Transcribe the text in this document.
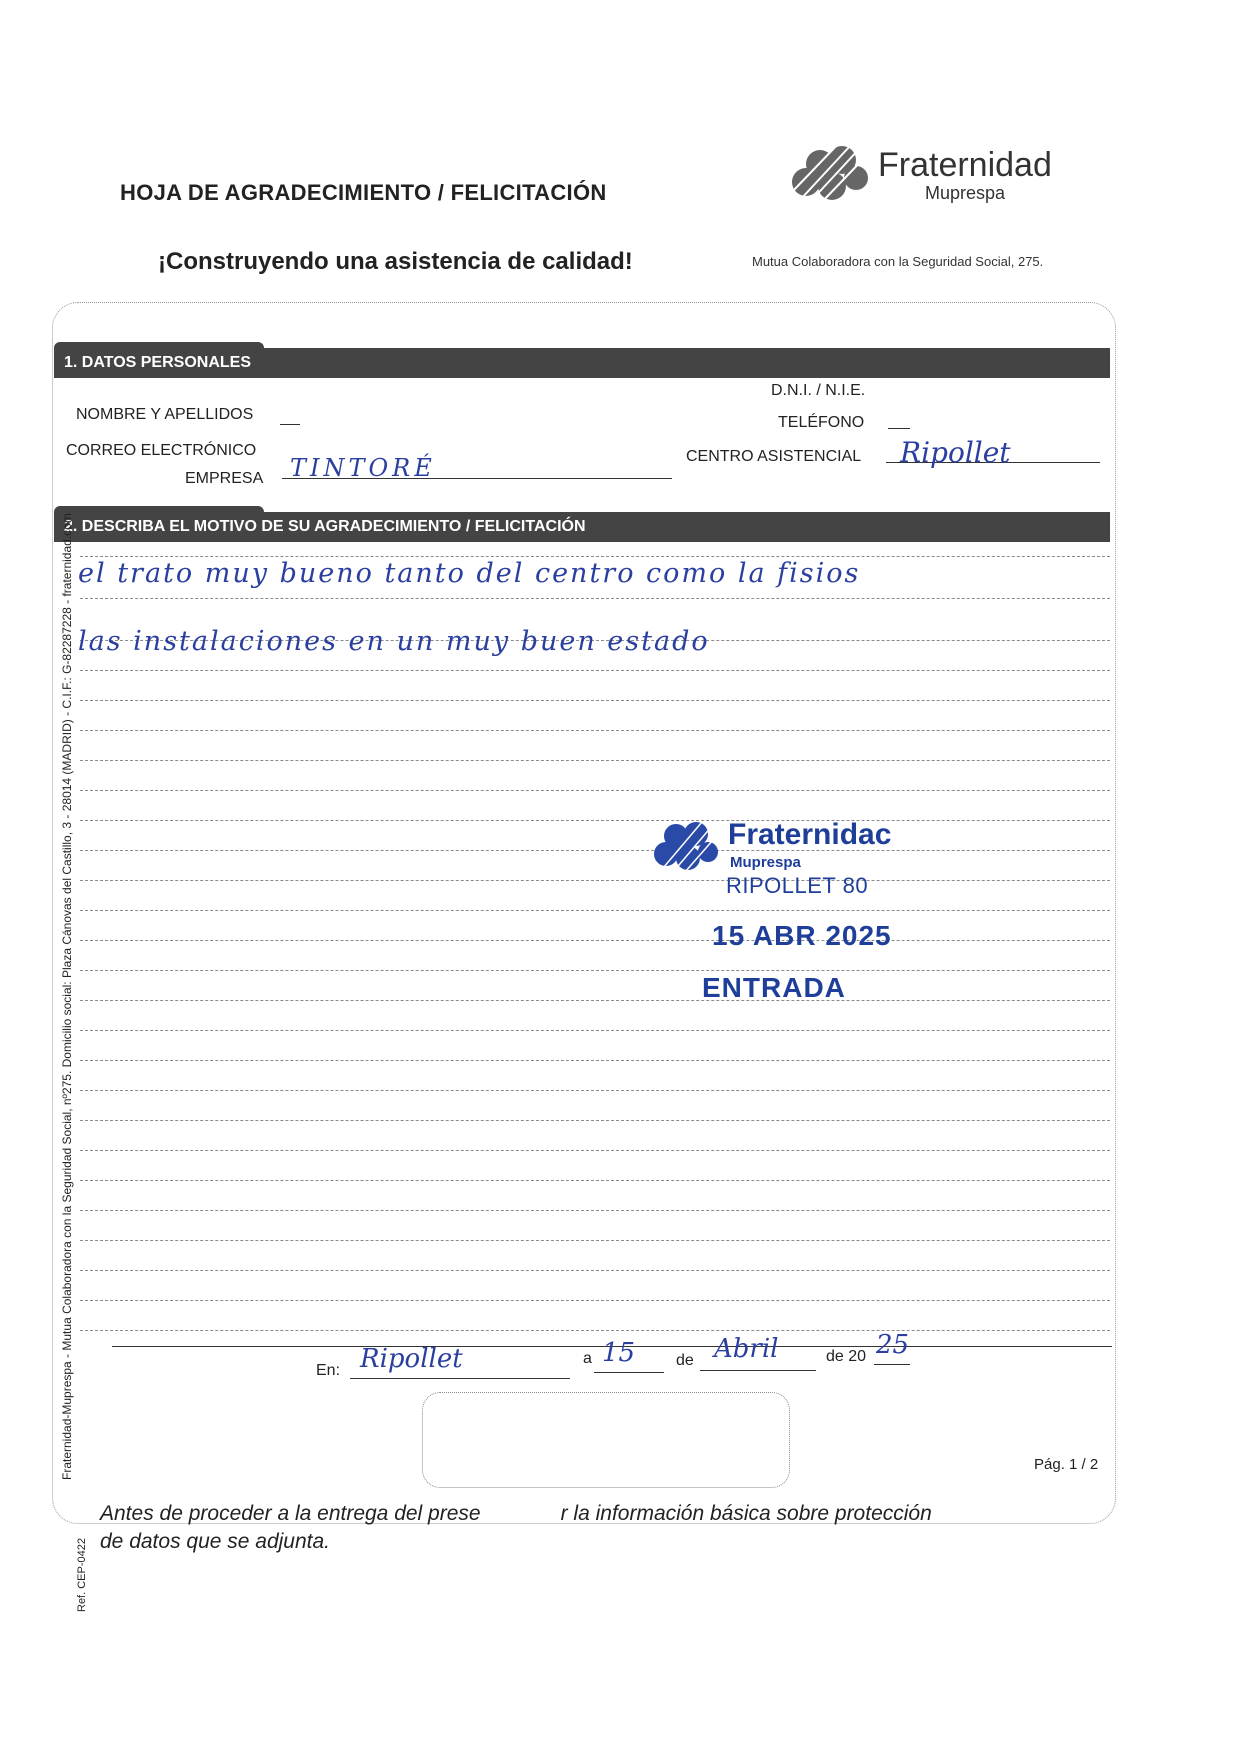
HOJA DE AGRADECIMIENTO / FELICITACIÓN
¡Construyendo una asistencia de calidad!
Fraternidad
Muprespa
Mutua Colaboradora con la Seguridad Social, 275.
1. DATOS PERSONALES
NOMBRE Y APELLIDOS
CORREO ELECTRÓNICO
EMPRESA TINTORÉ
D.N.I. / N.I.E.
TELÉFONO
CENTRO ASISTENCIAL Ripollet
2. DESCRIBA EL MOTIVO DE SU AGRADECIMIENTO / FELICITACIÓN
el trato muy bueno tanto del centro como la fisios
las instalaciones en un muy buen estado
Fraternidac
Muprespa
RIPOLLET 80
15 ABR 2025
ENTRADA
En: Ripollet	a 15	de Abril	de 20 25
Pág. 1 / 2
Antes de proceder a la entrega del prese	r la información básica sobre protección
de datos que se adjunta.
Fraternidad-Muprespa - Mutua Colaboradora con la Seguridad Social, nº275. Domicilio social: Plaza Cánovas del Castillo, 3 - 28014 (MADRID) - C.I.F.: G-82287228 - fraternidad.com
Ref. CEP-0422
